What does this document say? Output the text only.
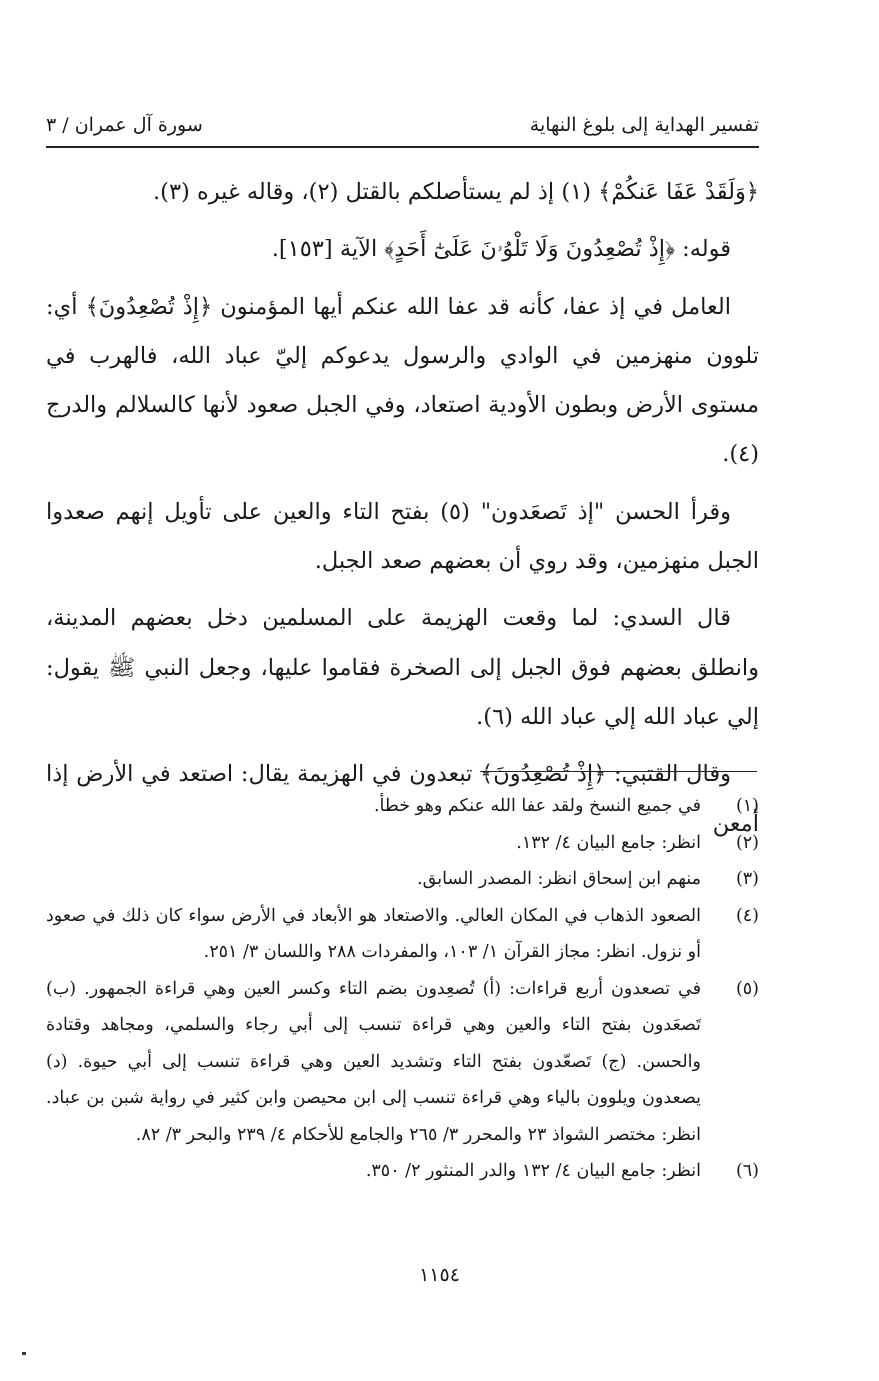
تفسير الهداية إلى بلوغ النهاية
سورة آل عمران / ٣

﴿وَلَقَدْ عَفَا عَنكُمْ﴾ (١) إذ لم يستأصلكم بالقتل (٢)، وقاله غيره (٣).

قوله: ﴿إِذْ تُصْعِدُونَ وَلَا تَلْوُۥنَ عَلَىٰٓ أَحَدٍ﴾ الآية [١٥٣].

العامل في إذ عفا، كأنه قد عفا الله عنكم أيها المؤمنون ﴿إِذْ تُصْعِدُونَ﴾ أي: تلوون منهزمين في الوادي والرسول يدعوكم إليّ عباد الله، فالهرب في مستوى الأرض وبطون الأودية اصتعاد، وفي الجبل صعود لأنها كالسلالم والدرج (٤).

وقرأ الحسن "إذ تَصعَدون" (٥) بفتح التاء والعين على تأويل إنهم صعدوا الجبل منهزمين، وقد روي أن بعضهم صعد الجبل.

قال السدي: لما وقعت الهزيمة على المسلمين دخل بعضهم المدينة، وانطلق بعضهم فوق الجبل إلى الصخرة فقاموا عليها، وجعل النبي ﷺ يقول: إلي عباد الله إلي عباد الله (٦).

وقال القتبي: ﴿إِذْ تُصْعِدُونَ﴾ تبعدون في الهزيمة يقال: اصتعد في الأرض إذا أمعن

(١)
في جميع النسخ ولقد عفا الله عنكم وهو خطأ.
(٢)
انظر: جامع البيان ٤/ ١٣٢.
(٣)
منهم ابن إسحاق انظر: المصدر السابق.
(٤)
الصعود الذهاب في المكان العالي. والاصتعاد هو الأبعاد في الأرض سواء كان ذلك في صعود أو نزول. انظر: مجاز القرآن ١/ ١٠٣، والمفردات ٢٨٨ واللسان ٣/ ٢٥١.
(٥)
في تصعدون أربع قراءات: (أ) تُصعِدون بضم التاء وكسر العين وهي قراءة الجمهور. (ب) تَصعَدون بفتح التاء والعين وهي قراءة تنسب إلى أبي رجاء والسلمي، ومجاهد وقتادة والحسن. (ج) تَصعّدون بفتح التاء وتشديد العين وهي قراءة تنسب إلى أبي حيوة. (د) يصعدون ويلوون بالياء وهي قراءة تنسب إلى ابن محيصن وابن كثير في رواية شبن بن عباد. انظر: مختصر الشواذ ٢٣ والمحرر ٣/ ٢٦٥ والجامع للأحكام ٤/ ٢٣٩ والبحر ٣/ ٨٢.
(٦)
انظر: جامع البيان ٤/ ١٣٢ والدر المنثور ٢/ ٣٥٠.
١١٥٤
